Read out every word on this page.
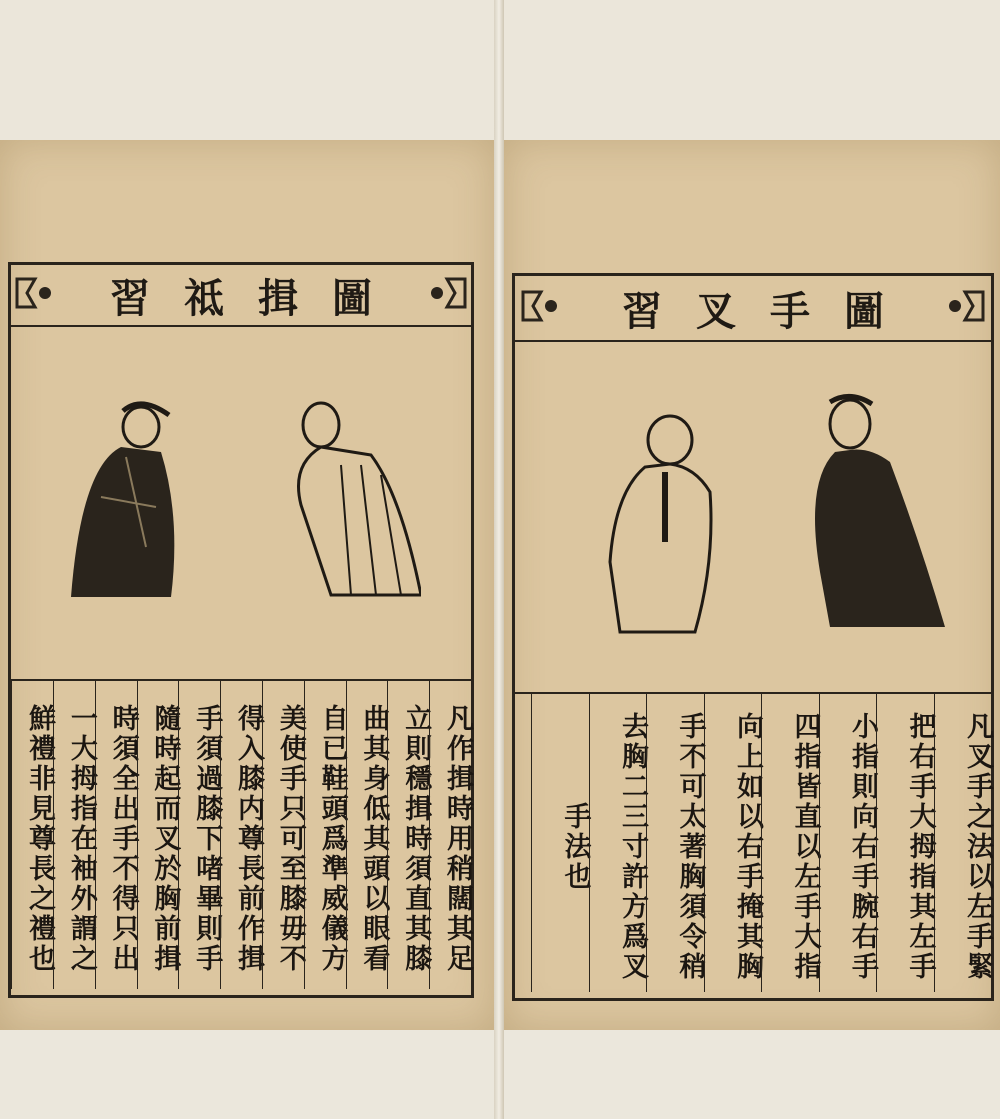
習祗揖圖
凡作揖時用稍闊其足
立則穩揖時須直其膝
曲其身低其頭以眼看
自已鞋頭爲準威儀方
美使手只可至膝毋不
得入膝内尊長前作揖
手須過膝下啫畢則手
隨時起而叉於胸前揖
時須全出手不得只出
一大拇指在袖外謂之
鮮禮非見尊長之禮也
習叉手圖
凡叉手之法以左手緊
把右手大拇指其左手
小指則向右手腕右手
四指皆直以左手大指
向上如以右手掩其胸
手不可太著胸須令稍
去胸二三寸許方爲叉
手法也
